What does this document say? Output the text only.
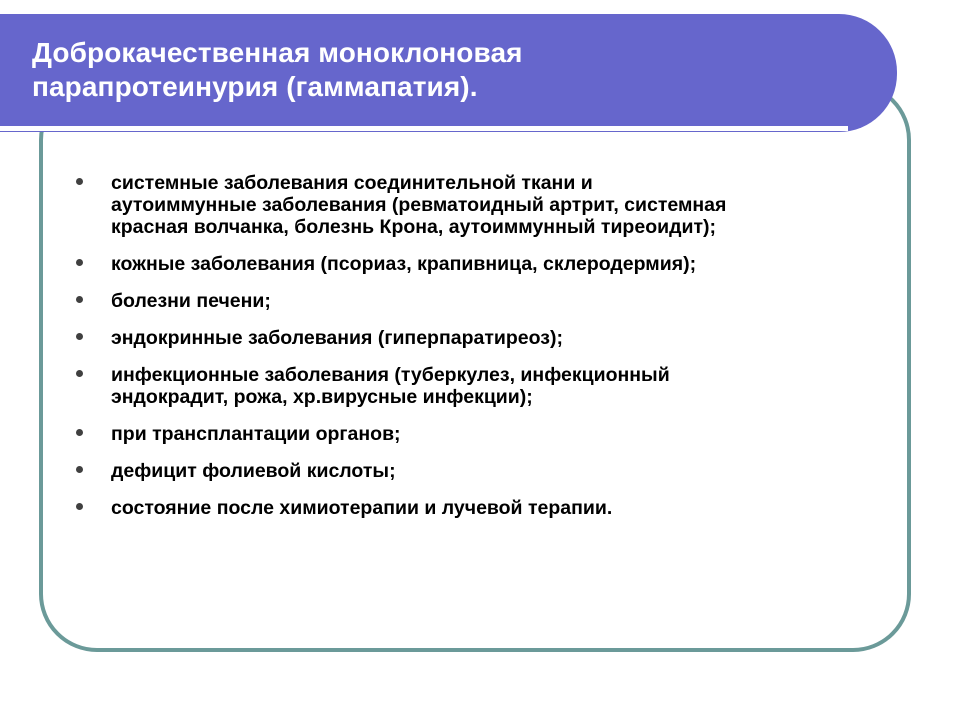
Доброкачественная моноклоновая
парапротеинурия (гаммапатия).
системные заболевания соединительной ткани и
аутоиммунные заболевания (ревматоидный артрит, системная
красная волчанка, болезнь Крона, аутоиммунный тиреоидит);
кожные заболевания (псориаз, крапивница, склеродермия);
болезни печени;
эндокринные заболевания (гиперпаратиреоз);
инфекционные заболевания (туберкулез, инфекционный
эндокрадит, рожа, хр.вирусные инфекции);
при трансплантации органов;
дефицит фолиевой кислоты;
состояние после химиотерапии и лучевой терапии.
